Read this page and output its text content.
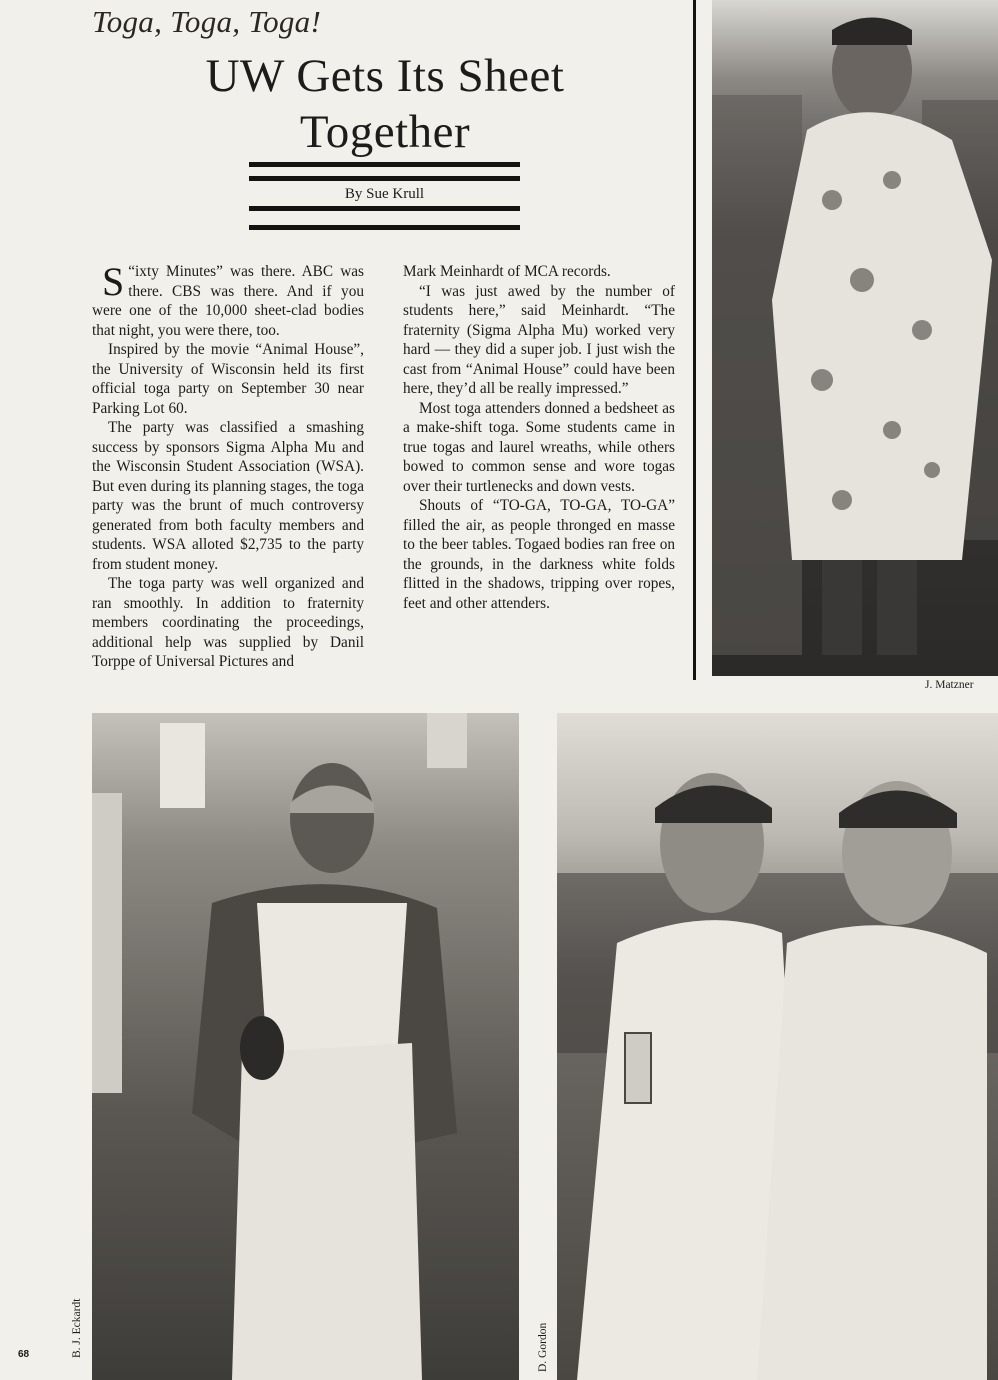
Toga, Toga, Toga!
UW Gets Its Sheet
Together
By Sue Krull

“
S ixty Minutes” was there. ABC was there. CBS was there. And if you were one of the 10,000 sheet-clad bodies that night, you were there, too.

Inspired by the movie “Animal House”, the University of Wisconsin held its first official toga party on September 30 near Parking Lot 60.

The party was classified a smashing success by sponsors Sigma Alpha Mu and the Wisconsin Student Association (WSA). But even during its planning stages, the toga party was the brunt of much controversy generated from both faculty members and students. WSA alloted $2,735 to the party from student money.

The toga party was well organized and ran smoothly. In addition to fraternity members coordinating the proceedings, additional help was supplied by Danil Torppe of Universal Pictures and

Mark Meinhardt of MCA records.

“I was just awed by the number of students here,” said Meinhardt. “The fraternity (Sigma Alpha Mu) worked very hard — they did a super job. I just wish the cast from “Animal House” could have been here, they’d all be really impressed.”

Most toga attenders donned a bedsheet as a make-shift toga. Some students came in true togas and laurel wreaths, while others bowed to common sense and wore togas over their turtlenecks and down vests.

Shouts of “TO-GA, TO-GA, TO-GA” filled the air, as people thronged en masse to the beer tables. Togaed bodies ran free on the grounds, in the darkness white folds flitted in the shadows, tripping over ropes, feet and other attenders.

J. Matzner
B. J. Eckardt	D. Gordon
68
